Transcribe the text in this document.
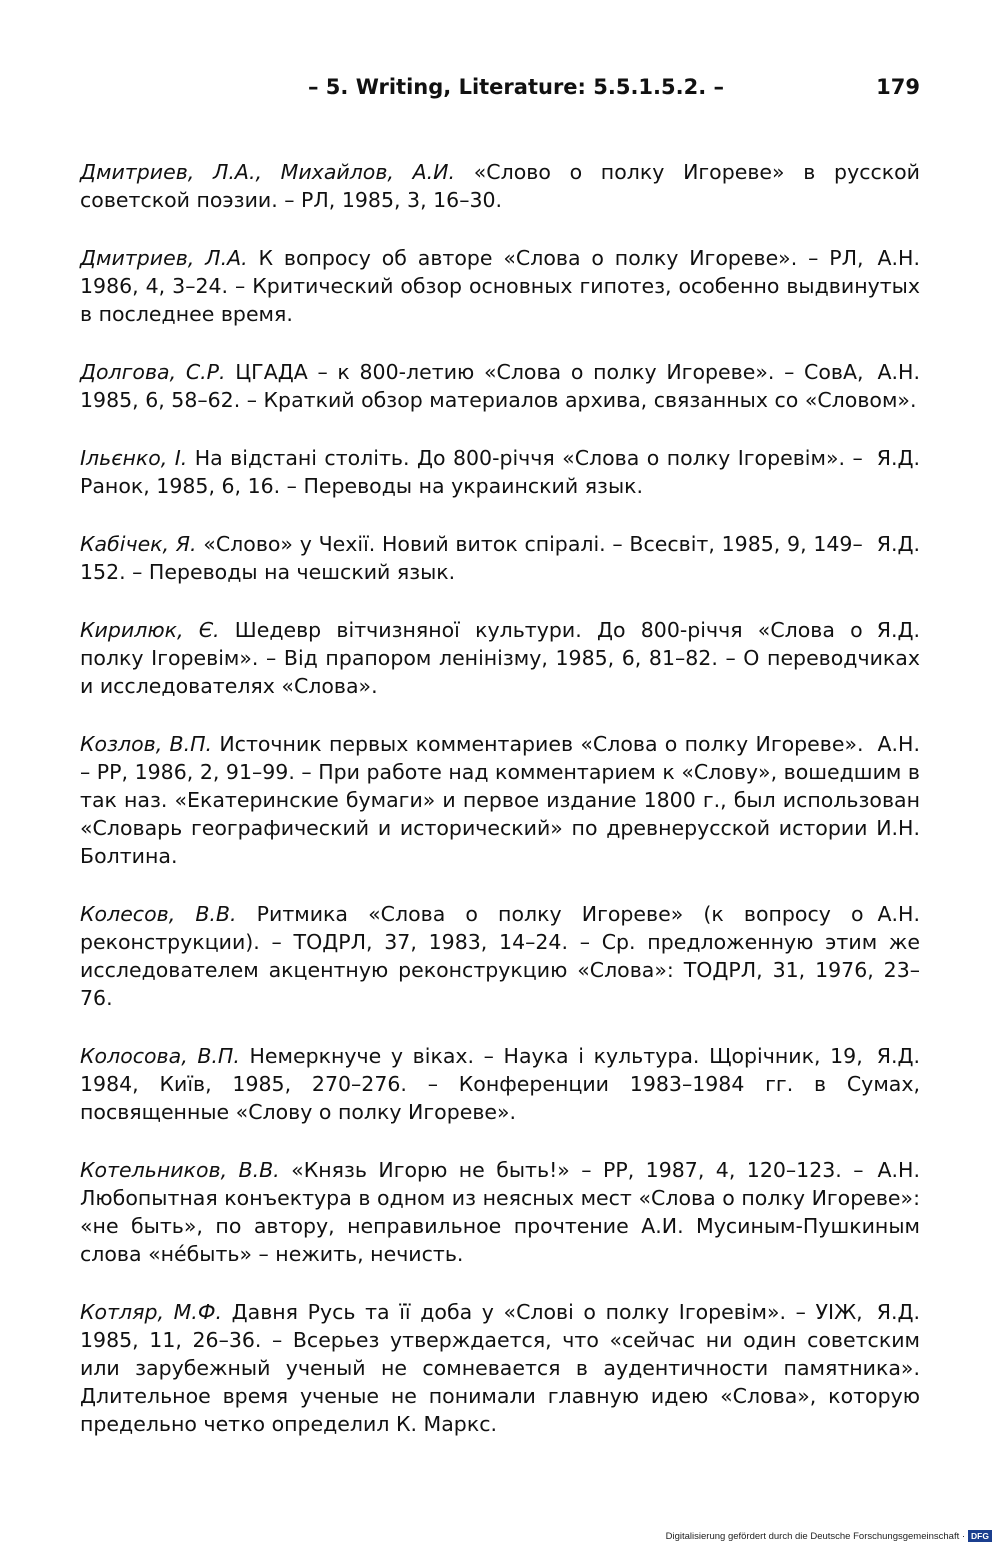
– 5. Writing, Literature: 5.5.1.5.2. –	179
Дмитриев, Л.А., Михайлов, А.И. «Слово о полку Игореве» в русской советской поэзии. – РЛ, 1985, 3, 16–30.
А.Н.
Дмитриев, Л.А. К вопросу об авторе «Слова о полку Игореве». – РЛ, 1986, 4, 3–24. – Критический обзор основных гипотез, особенно выдвинутых в последнее время.
А.Н.
Долгова, С.Р. ЦГАДА – к 800-летию «Слова о полку Игореве». – СовА, 1985, 6, 58–62. – Краткий обзор материалов архива, связанных со «Словом».
Я.Д.
Ільєнко, І. На відстані століть. До 800-річчя «Слова о полку Ігоревім». – Ранок, 1985, 6, 16. – Переводы на украинский язык.
Я.Д.
Кабічек, Я. «Слово» у Чехії. Новий виток спіралі. – Всесвіт, 1985, 9, 149–152. – Переводы на чешский язык.
Я.Д.
Кирилюк, Є. Шедевр вітчизняної культури. До 800-річчя «Слова о полку Ігоревім». – Від прапором ленінізму, 1985, 6, 81–82. – О переводчиках и исследователях «Слова».
А.Н.
Козлов, В.П. Источник первых комментариев «Слова о полку Игореве». – РР, 1986, 2, 91–99. – При работе над комментарием к «Слову», вошедшим в так наз. «Екатеринские бумаги» и первое издание 1800 г., был использован «Словарь географический и исторический» по древнерусской истории И.Н. Болтина.
А.Н.
Колесов, В.В. Ритмика «Слова о полку Игореве» (к вопросу о реконструкции). – ТОДРЛ, 37, 1983, 14–24. – Ср. предложенную этим же исследователем акцентную реконструкцию «Слова»: ТОДРЛ, 31, 1976, 23–76.
Я.Д.
Колосова, В.П. Немеркнуче у віках. – Наука і культура. Щорічник, 19, 1984, Київ, 1985, 270–276. – Конференции 1983–1984 гг. в Сумах, посвященные «Слову о полку Игореве».
А.Н.
Котельников, В.В. «Князь Игорю не быть!» – РР, 1987, 4, 120–123. – Любопытная конъектура в одном из неясных мест «Слова о полку Игореве»: «не быть», по автору, неправильное прочтение А.И. Мусиным-Пушкиным слова «нéбыть» – нежить, нечисть.
Я.Д.
Котляр, М.Ф. Давня Русь та її доба у «Слові о полку Ігоревім». – УІЖ, 1985, 11, 26–36. – Всерьез утверждается, что «сейчас ни один советским или зарубежный ученый не сомневается в аудентичности памятника». Длительное время ученые не понимали главную идею «Слова», которую предельно четко определил К. Маркс.
Digitalisierung gefördert durch die Deutsche Forschungsgemeinschaft · DFG
